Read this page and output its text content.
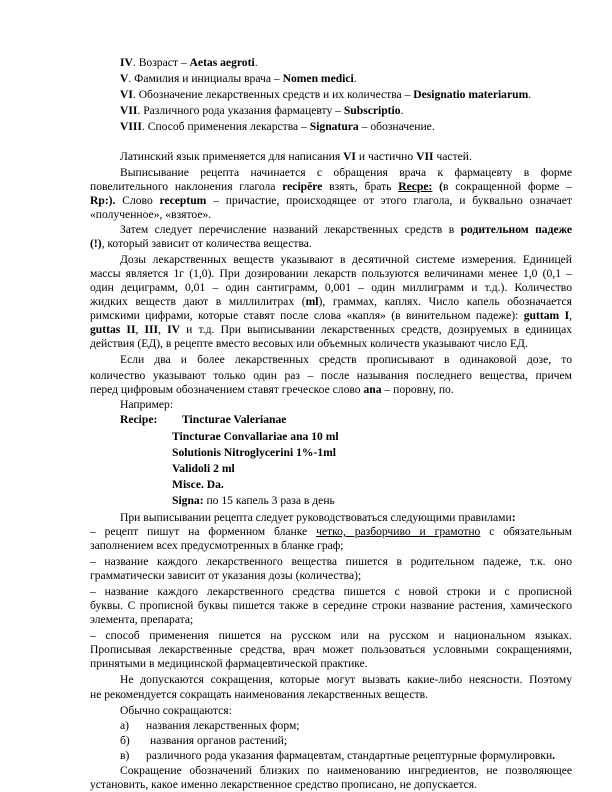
IV. Возраст – Aetas aegroti.
V. Фамилия и инициалы врача – Nomen medici.
VI. Обозначение лекарственных средств и их количества – Designatio materiarum.
VII. Различного рода указания фармацевту – Subscriptio.
VIII. Способ применения лекарства – Signatura – обозначение.
Латинский язык применяется для написания VI и частично VII частей.
Выписывание рецепта начинается с обращения врача к фармацевту в форме
повелительного наклонения глагола recipĕre взять, брать Recpe: (в сокращенной форме –
Rp:). Слово receptum – причастие, происходящее от этого глагола, и буквально означает
«полученное», «взятое».
Затем следует перечисление названий лекарственных средств в родительном падеже
(!), который зависит от количества вещества.
Дозы лекарственных веществ указывают в десятичной системе измерения. Единицей
массы является 1г (1,0). При дозировании лекарств пользуются величинами менее 1,0 (0,1 –
один дециграмм, 0,01 – один сантиграмм, 0,001 – один миллиграмм и т.д.). Количество
жидких веществ дают в миллилитрах (ml), граммах, каплях. Число капель обозначается
римскими цифрами, которые ставят после слова «капля» (в винительном падеже): guttam I,
guttas II, III, IV и т.д. При выписывании лекарственных средств, дозируемых в единицах
действия (ЕД), в рецепте вместо весовых или объемных количеств указывают число ЕД.
Если два и более лекарственных средств прописывают в одинаковой дозе, то
количество указывают только один раз – после называния последнего вещества, причем
перед цифровым обозначением ставят греческое слово ana – поровну, по.
Например:
Recipe: Tincturae Valerianae
Tincturae Convallariae ana 10 ml
Solutionis Nitroglycerini 1%-1ml
Validoli 2 ml
Misce. Da.
Signa: по 15 капель 3 раза в день
При выписывании рецепта следует руководствоваться следующими правилами:
– рецепт пишут на форменном бланке четко, разборчиво и грамотно с обязательным
заполнением всех предусмотренных в бланке граф;
– название каждого лекарственного вещества пишется в родительном падеже, т.к. оно
грамматически зависит от указания дозы (количества);
– название каждого лекарственного средства пишется с новой строки и с прописной
буквы. С прописной буквы пишется также в середине строки название растения, хамического
элемента, препарата;
– способ применения пишется на русском или на русском и национальном языках.
Прописывая лекарственные средства, врач может пользоваться условными сокращениями,
принятыми в медицинской фармацевтической практике.
Не допускаются сокращения, которые могут вызвать какие-либо неясности. Поэтому
не рекомендуется сокращать наименования лекарственных веществ.
Обычно сокращаются:
а) названия лекарственных форм;
б) названия органов растений;
в) различного рода указания фармацевтам, стандартные рецептурные формулировки.
Сокращение обозначений близких по наименованию ингредиентов, не позволяющее
установить, какое именно лекарственное средство прописано, не допускается.
